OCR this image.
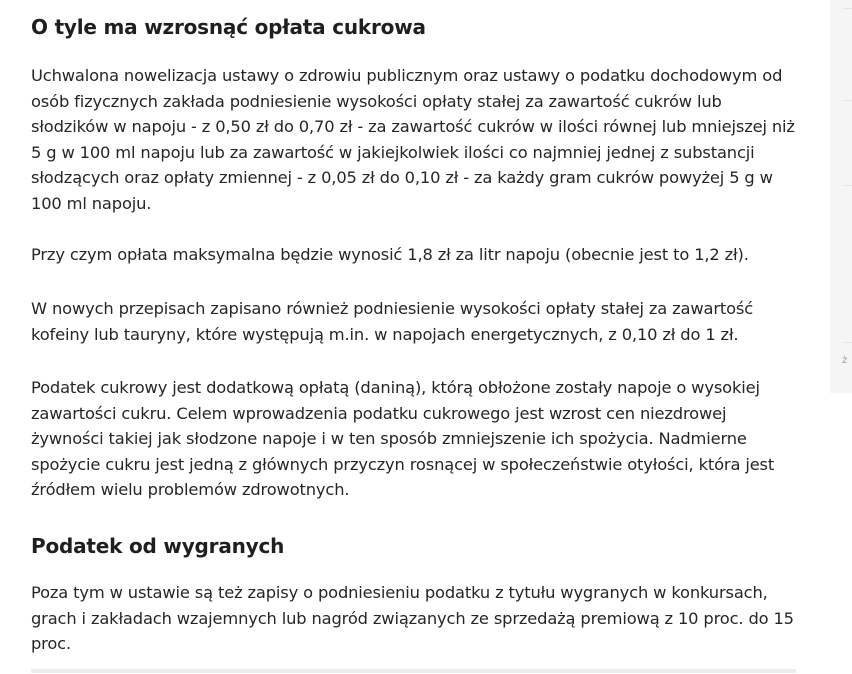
O tyle ma wzrosnąć opłata cukrowa

Uchwalona nowelizacja ustawy o zdrowiu publicznym oraz ustawy o podatku dochodowym od osób fizycznych zakłada podniesienie wysokości opłaty stałej za zawartość cukrów lub słodzików w napoju - z 0,50 zł do 0,70 zł - za zawartość cukrów w ilości równej lub mniejszej niż 5 g w 100 ml napoju lub za zawartość w jakiejkolwiek ilości co najmniej jednej z substancji słodzących oraz opłaty zmiennej - z 0,05 zł do 0,10 zł - za każdy gram cukrów powyżej 5 g w 100 ml napoju.

Przy czym opłata maksymalna będzie wynosić 1,8 zł za litr napoju (obecnie jest to 1,2 zł).

W nowych przepisach zapisano również podniesienie wysokości opłaty stałej za zawartość kofeiny lub tauryny, które występują m.in. w napojach energetycznych, z 0,10 zł do 1 zł.

Podatek cukrowy jest dodatkową opłatą (daniną), którą obłożone zostały napoje o wysokiej zawartości cukru. Celem wprowadzenia podatku cukrowego jest wzrost cen niezdrowej żywności takiej jak słodzone napoje i w ten sposób zmniejszenie ich spożycia. Nadmierne spożycie cukru jest jedną z głównych przyczyn rosnącej w społeczeństwie otyłości, która jest źródłem wielu problemów zdrowotnych.

Podatek od wygranych

Poza tym w ustawie są też zapisy o podniesieniu podatku z tytułu wygranych w konkursach, grach i zakładach wzajemnych lub nagród związanych ze sprzedażą premiową z 10 proc. do 15 proc.

ż
